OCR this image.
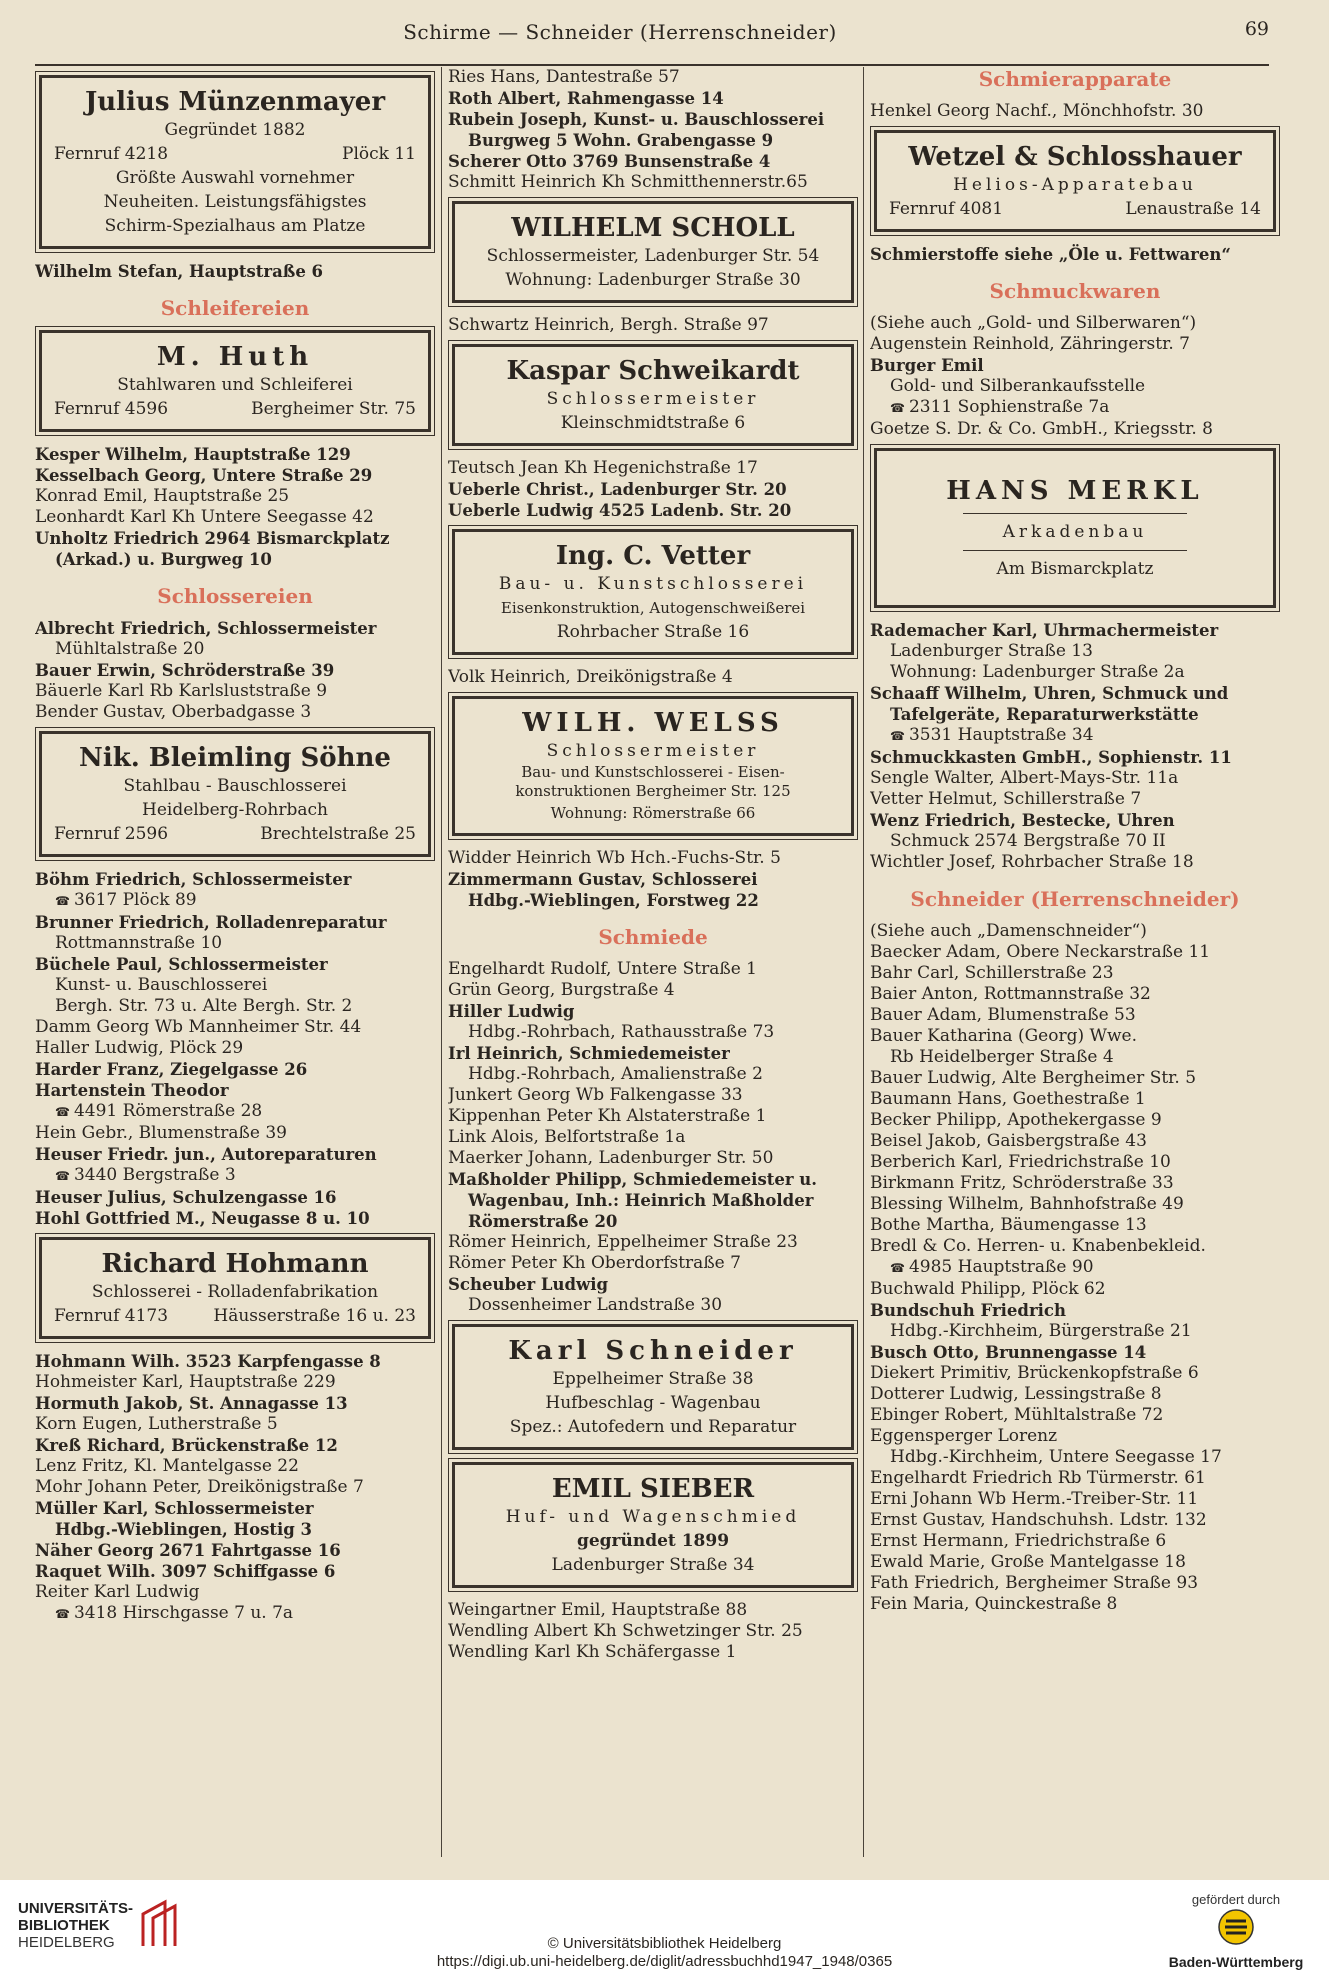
Schirme — Schneider (Herrenschneider)	69
Julius Münzenmayer
Gegründet 1882
Fernruf 4218	Plöck 11
Größte Auswahl vornehmer
Neuheiten. Leistungsfähigstes
Schirm-Spezialhaus am Platze
Wilhelm Stefan, Hauptstraße 6
Schleifereien
M. Huth
Stahlwaren und Schleiferei
Fernruf 4596	Bergheimer Str. 75
Kesper Wilhelm, Hauptstraße 129
Kesselbach Georg, Untere Straße 29
Konrad Emil, Hauptstraße 25
Leonhardt Karl Kh Untere Seegasse 42
Unholtz Friedrich 2964 Bismarckplatz
(Arkad.) u. Burgweg 10
Schlossereien
Albrecht Friedrich, Schlossermeister
Mühltalstraße 20
Bauer Erwin, Schröderstraße 39
Bäuerle Karl Rb Karlsluststraße 9
Bender Gustav, Oberbadgasse 3
Nik. Bleimling Söhne
Stahlbau - Bauschlosserei
Heidelberg-Rohrbach
Fernruf 2596	Brechtelstraße 25
Böhm Friedrich, Schlossermeister
☎ 3617 Plöck 89
Brunner Friedrich, Rolladenreparatur
Rottmannstraße 10
Büchele Paul, Schlossermeister
Kunst- u. Bauschlosserei
Bergh. Str. 73 u. Alte Bergh. Str. 2
Damm Georg Wb Mannheimer Str. 44
Haller Ludwig, Plöck 29
Harder Franz, Ziegelgasse 26
Hartenstein Theodor
☎ 4491 Römerstraße 28
Hein Gebr., Blumenstraße 39
Heuser Friedr. jun., Autoreparaturen
☎ 3440 Bergstraße 3
Heuser Julius, Schulzengasse 16
Hohl Gottfried M., Neugasse 8 u. 10
Richard Hohmann
Schlosserei - Rolladenfabrikation
Fernruf 4173	Häusserstraße 16 u. 23
Hohmann Wilh. 3523 Karpfengasse 8
Hohmeister Karl, Hauptstraße 229
Hormuth Jakob, St. Annagasse 13
Korn Eugen, Lutherstraße 5
Kreß Richard, Brückenstraße 12
Lenz Fritz, Kl. Mantelgasse 22
Mohr Johann Peter, Dreikönigstraße 7
Müller Karl, Schlossermeister
Hdbg.-Wieblingen, Hostig 3
Näher Georg 2671 Fahrtgasse 16
Raquet Wilh. 3097 Schiffgasse 6
Reiter Karl Ludwig
☎ 3418 Hirschgasse 7 u. 7a
Ries Hans, Dantestraße 57
Roth Albert, Rahmengasse 14
Rubein Joseph, Kunst- u. Bauschlosserei
Burgweg 5 Wohn. Grabengasse 9
Scherer Otto 3769 Bunsenstraße 4
Schmitt Heinrich Kh Schmitthennerstr.65
WILHELM SCHOLL
Schlossermeister, Ladenburger Str. 54
Wohnung: Ladenburger Straße 30
Schwartz Heinrich, Bergh. Straße 97
Kaspar Schweikardt
Schlossermeister
Kleinschmidtstraße 6
Teutsch Jean Kh Hegenichstraße 17
Ueberle Christ., Ladenburger Str. 20
Ueberle Ludwig 4525 Ladenb. Str. 20
Ing. C. Vetter
Bau- u. Kunstschlosserei
Eisenkonstruktion, Autogenschweißerei
Rohrbacher Straße 16
Volk Heinrich, Dreikönigstraße 4
WILH. WELSS
Schlossermeister
Bau- und Kunstschlosserei - Eisen-
konstruktionen Bergheimer Str. 125
Wohnung: Römerstraße 66
Widder Heinrich Wb Hch.-Fuchs-Str. 5
Zimmermann Gustav, Schlosserei
Hdbg.-Wieblingen, Forstweg 22
Schmiede
Engelhardt Rudolf, Untere Straße 1
Grün Georg, Burgstraße 4
Hiller Ludwig
Hdbg.-Rohrbach, Rathausstraße 73
Irl Heinrich, Schmiedemeister
Hdbg.-Rohrbach, Amalienstraße 2
Junkert Georg Wb Falkengasse 33
Kippenhan Peter Kh Alstaterstraße 1
Link Alois, Belfortstraße 1a
Maerker Johann, Ladenburger Str. 50
Maßholder Philipp, Schmiedemeister u.
Wagenbau, Inh.: Heinrich Maßholder
Römerstraße 20
Römer Heinrich, Eppelheimer Straße 23
Römer Peter Kh Oberdorfstraße 7
Scheuber Ludwig
Dossenheimer Landstraße 30
Karl Schneider
Eppelheimer Straße 38
Hufbeschlag - Wagenbau
Spez.: Autofedern und Reparatur
EMIL SIEBER
Huf- und Wagenschmied
gegründet 1899
Ladenburger Straße 34
Weingartner Emil, Hauptstraße 88
Wendling Albert Kh Schwetzinger Str. 25
Wendling Karl Kh Schäfergasse 1
Schmierapparate
Henkel Georg Nachf., Mönchhofstr. 30
Wetzel & Schlosshauer
Helios-Apparatebau
Fernruf 4081	Lenaustraße 14
Schmierstoffe siehe „Öle u. Fettwaren“
Schmuckwaren
(Siehe auch „Gold- und Silberwaren“)
Augenstein Reinhold, Zähringerstr. 7
Burger Emil
Gold- und Silberankaufsstelle
☎ 2311 Sophienstraße 7a
Goetze S. Dr. & Co. GmbH., Kriegsstr. 8
HANS MERKL
Arkadenbau
Am Bismarckplatz
Rademacher Karl, Uhrmachermeister
Ladenburger Straße 13
Wohnung: Ladenburger Straße 2a
Schaaff Wilhelm, Uhren, Schmuck und
Tafelgeräte, Reparaturwerkstätte
☎ 3531 Hauptstraße 34
Schmuckkasten GmbH., Sophienstr. 11
Sengle Walter, Albert-Mays-Str. 11a
Vetter Helmut, Schillerstraße 7
Wenz Friedrich, Bestecke, Uhren
Schmuck 2574 Bergstraße 70 II
Wichtler Josef, Rohrbacher Straße 18
Schneider (Herrenschneider)
(Siehe auch „Damenschneider“)
Baecker Adam, Obere Neckarstraße 11
Bahr Carl, Schillerstraße 23
Baier Anton, Rottmannstraße 32
Bauer Adam, Blumenstraße 53
Bauer Katharina (Georg) Wwe.
Rb Heidelberger Straße 4
Bauer Ludwig, Alte Bergheimer Str. 5
Baumann Hans, Goethestraße 1
Becker Philipp, Apothekergasse 9
Beisel Jakob, Gaisbergstraße 43
Berberich Karl, Friedrichstraße 10
Birkmann Fritz, Schröderstraße 33
Blessing Wilhelm, Bahnhofstraße 49
Bothe Martha, Bäumengasse 13
Bredl & Co. Herren- u. Knabenbekleid.
☎ 4985 Hauptstraße 90
Buchwald Philipp, Plöck 62
Bundschuh Friedrich
Hdbg.-Kirchheim, Bürgerstraße 21
Busch Otto, Brunnengasse 14
Diekert Primitiv, Brückenkopfstraße 6
Dotterer Ludwig, Lessingstraße 8
Ebinger Robert, Mühltalstraße 72
Eggensperger Lorenz
Hdbg.-Kirchheim, Untere Seegasse 17
Engelhardt Friedrich Rb Türmerstr. 61
Erni Johann Wb Herm.-Treiber-Str. 11
Ernst Gustav, Handschuhsh. Ldstr. 132
Ernst Hermann, Friedrichstraße 6
Ewald Marie, Große Mantelgasse 18
Fath Friedrich, Bergheimer Straße 93
Fein Maria, Quinckestraße 8
UNIVERSITÄTS-
BIBLIOTHEK
HEIDELBERG	© Universitätsbibliothek Heidelberg
https://digi.ub.uni-heidelberg.de/diglit/adressbuchhd1947_1948/0365
gefördert durch
Baden-Württemberg
